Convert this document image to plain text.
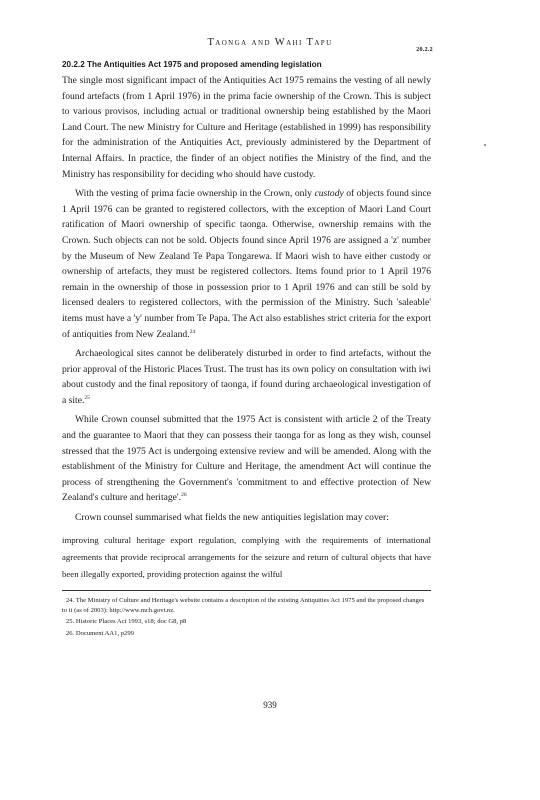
Taonga and Wahi Tapu
20.2.2
20.2.2 The Antiquities Act 1975 and proposed amending legislation

The single most significant impact of the Antiquities Act 1975 remains the vesting of all newly found artefacts (from 1 April 1976) in the prima facie ownership of the Crown. This is subject to various provisos, including actual or traditional ownership being established by the Maori Land Court. The new Ministry for Culture and Heritage (established in 1999) has responsibility for the administration of the Antiquities Act, previously administered by the Department of Internal Affairs. In practice, the finder of an object notifies the Ministry of the find, and the Ministry has responsibility for deciding who should have custody.

With the vesting of prima facie ownership in the Crown, only custody of objects found since 1 April 1976 can be granted to registered collectors, with the exception of Maori Land Court ratification of Maori ownership of specific taonga. Otherwise, ownership remains with the Crown. Such objects can not be sold. Objects found since April 1976 are assigned a 'z' number by the Museum of New Zealand Te Papa Tongarewa. If Maori wish to have either custody or ownership of artefacts, they must be registered collectors. Items found prior to 1 April 1976 remain in the ownership of those in possession prior to 1 April 1976 and can still be sold by licensed dealers to registered collectors, with the permission of the Ministry. Such 'saleable' items must have a 'y' number from Te Papa. The Act also establishes strict criteria for the export of antiquities from New Zealand.$^{24}$

Archaeological sites cannot be deliberately disturbed in order to find artefacts, without the prior approval of the Historic Places Trust. The trust has its own policy on consultation with iwi about custody and the final repository of taonga, if found during archaeological investigation of a site.$^{25}$

While Crown counsel submitted that the 1975 Act is consistent with article 2 of the Treaty and the guarantee to Maori that they can possess their taonga for as long as they wish, counsel stressed that the 1975 Act is undergoing extensive review and will be amended. Along with the establishment of the Ministry for Culture and Heritage, the amendment Act will continue the process of strengthening the Government's 'commitment to and effective protection of New Zealand's culture and heritage'.$^{26}$

Crown counsel summarised what fields the new antiquities legislation may cover:

improving cultural heritage export regulation, complying with the requirements of international agreements that provide reciprocal arrangements for the seizure and return of cultural objects that have been illegally exported, providing protection against the wilful

24. The Ministry of Culture and Heritage's website contains a description of the existing Antiquities Act 1975 and the proposed changes to it (as of 2003): http://www.mch.govt.nz.

25. Historic Places Act 1993, s18; doc G8, p8

26. Document AA1, p299

939
